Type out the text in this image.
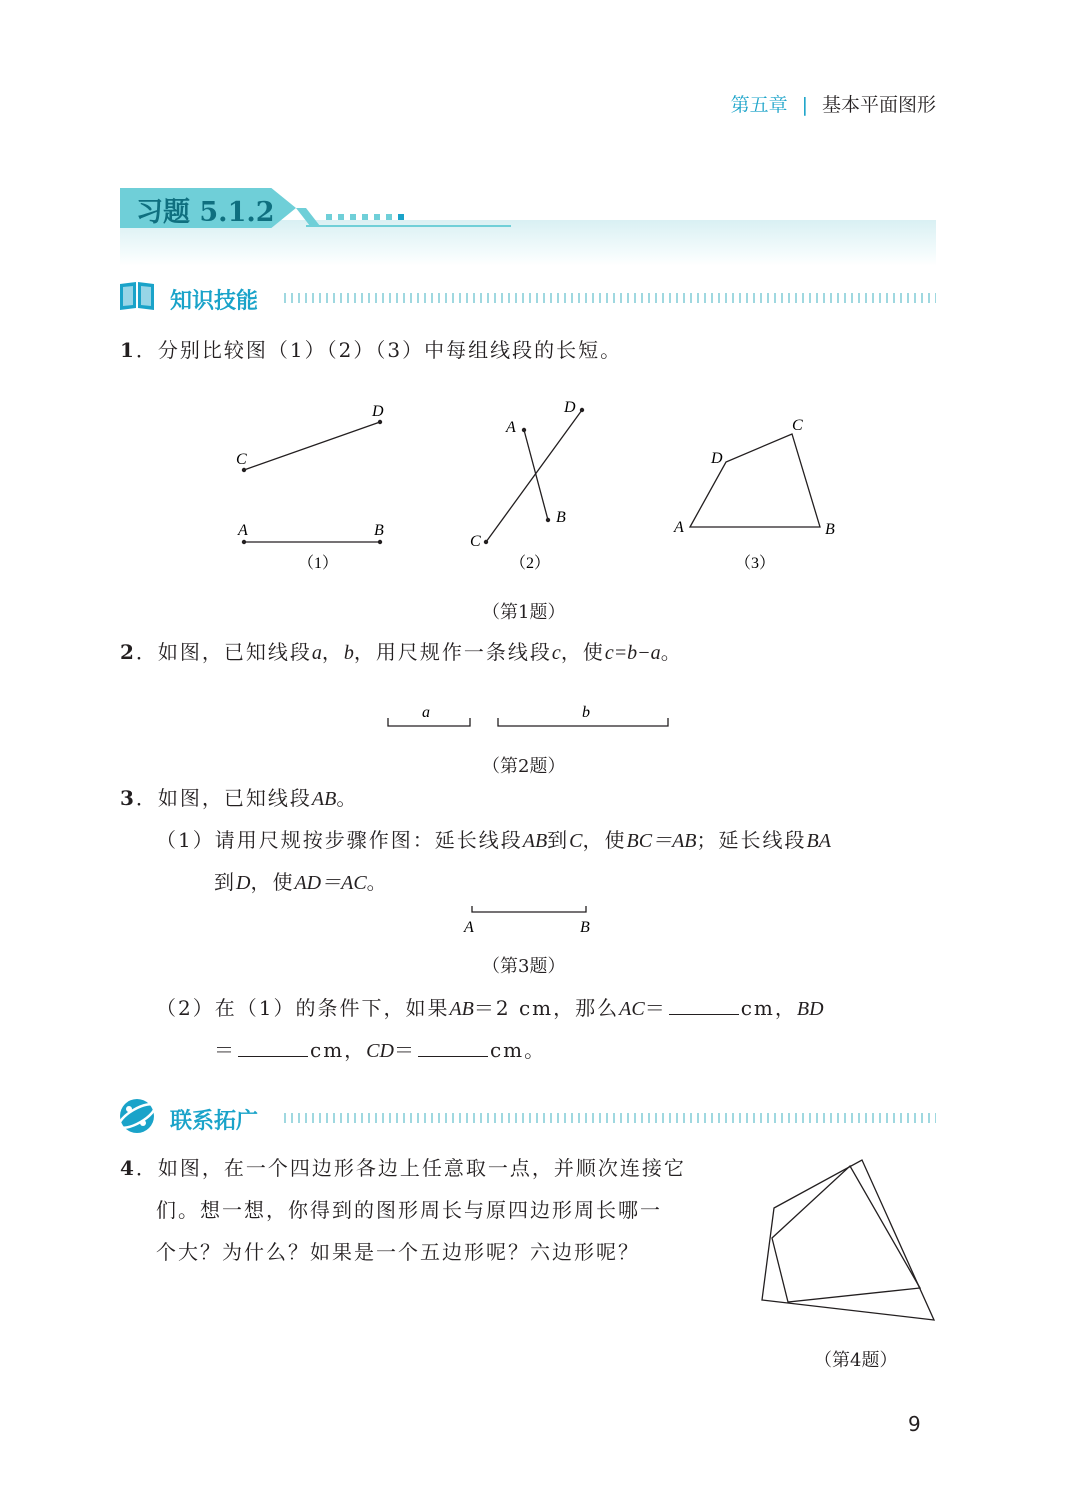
第五章 | 基本平面图形
习题 5.1.2
知识技能
1．分别比较图（1）（2）（3）中每组线段的长短。
C
D
A	B
（1）
A
B
D
C
（2）
A	B
C
D
（3）
（第1题）
2．如图，已知线段a，b，用尺规作一条线段c，使c=b−a。
a	b
（第2题）
3．如图，已知线段AB。
（1）请用尺规按步骤作图：延长线段AB到C，使BC＝AB；延长线段BA
到D，使AD＝AC。
A	B
（第3题）
（2）在（1）的条件下，如果AB＝2 cm，那么AC＝	cm，BD
＝	cm，CD＝	cm。
联系拓广
4．如图，在一个四边形各边上任意取一点，并顺次连接它
们。想一想，你得到的图形周长与原四边形周长哪一
个大？为什么？如果是一个五边形呢？六边形呢？
（第4题）
9
